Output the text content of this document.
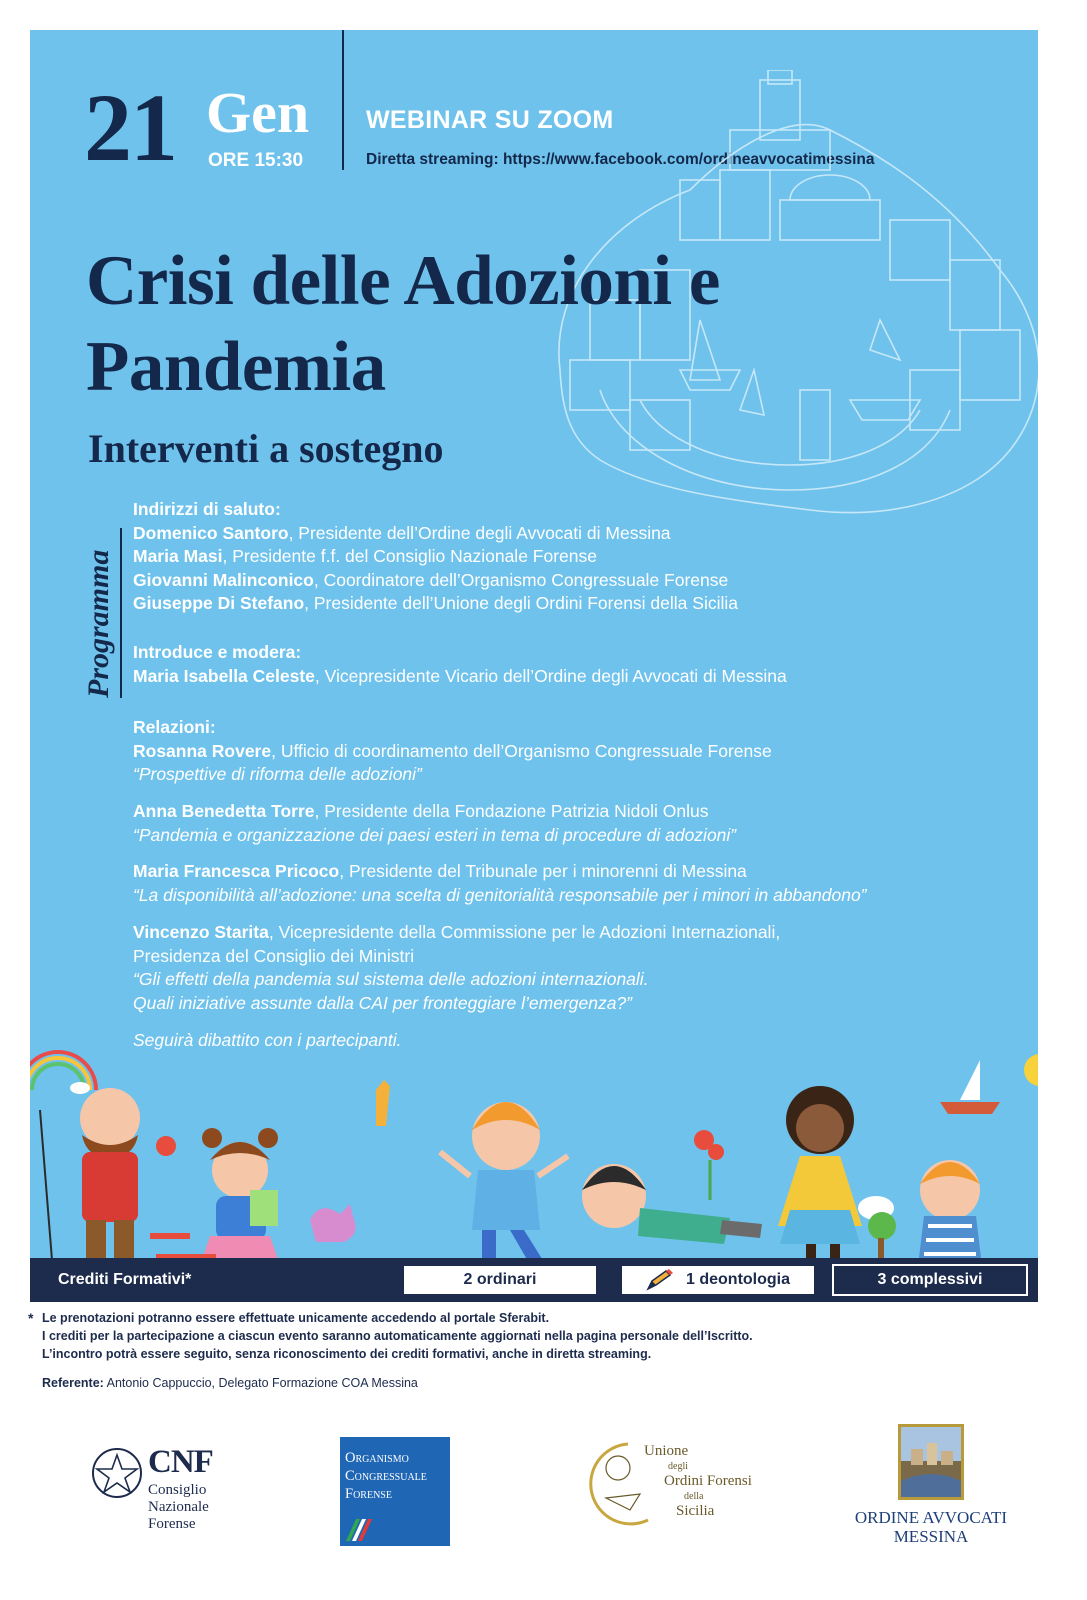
21 Gen
ORE 15:30
WEBINAR SU ZOOM
Diretta streaming: https://www.facebook.com/ordineavvocatimessina
Crisi delle Adozioni e Pandemia
Interventi a sostegno
Programma
Indirizzi di saluto:
Domenico Santoro, Presidente dell’Ordine degli Avvocati di Messina
Maria Masi, Presidente f.f. del Consiglio Nazionale Forense
Giovanni Malinconico, Coordinatore dell’Organismo Congressuale Forense
Giuseppe Di Stefano, Presidente dell’Unione degli Ordini Forensi della Sicilia
Introduce e modera:
Maria Isabella Celeste, Vicepresidente Vicario dell’Ordine degli Avvocati di Messina
Relazioni:
Rosanna Rovere, Ufficio di coordinamento dell’Organismo Congressuale Forense
“Prospettive di riforma delle adozioni”
Anna Benedetta Torre, Presidente della Fondazione Patrizia Nidoli Onlus
“Pandemia e organizzazione dei paesi esteri in tema di procedure di adozioni”
Maria Francesca Pricoco, Presidente del Tribunale per i minorenni di Messina
“La disponibilità all’adozione: una scelta di genitorialità responsabile per i minori in abbandono”
Vincenzo Starita, Vicepresidente della Commissione per le Adozioni Internazionali,
Presidenza del Consiglio dei Ministri
“Gli effetti della pandemia sul sistema delle adozioni internazionali.
Quali iniziative assunte dalla CAI per fronteggiare l’emergenza?”
Seguirà dibattito con i partecipanti.
Crediti Formativi*	2 ordinari	1 deontologia	3 complessivi
* Le prenotazioni potranno essere effettuate unicamente accedendo al portale Sferabit.
I crediti per la partecipazione a ciascun evento saranno automaticamente aggiornati nella pagina personale dell’Iscritto.
L’incontro potrà essere seguito, senza riconoscimento dei crediti formativi, anche in diretta streaming.
Referente: Antonio Cappuccio, Delegato Formazione COA Messina
CNF
Consiglio
Nazionale
Forense
Organismo
Congressuale
Forense
Unione
degli
Ordini Forensi
della
Sicilia	ORDINE AVVOCATI
MESSINA
